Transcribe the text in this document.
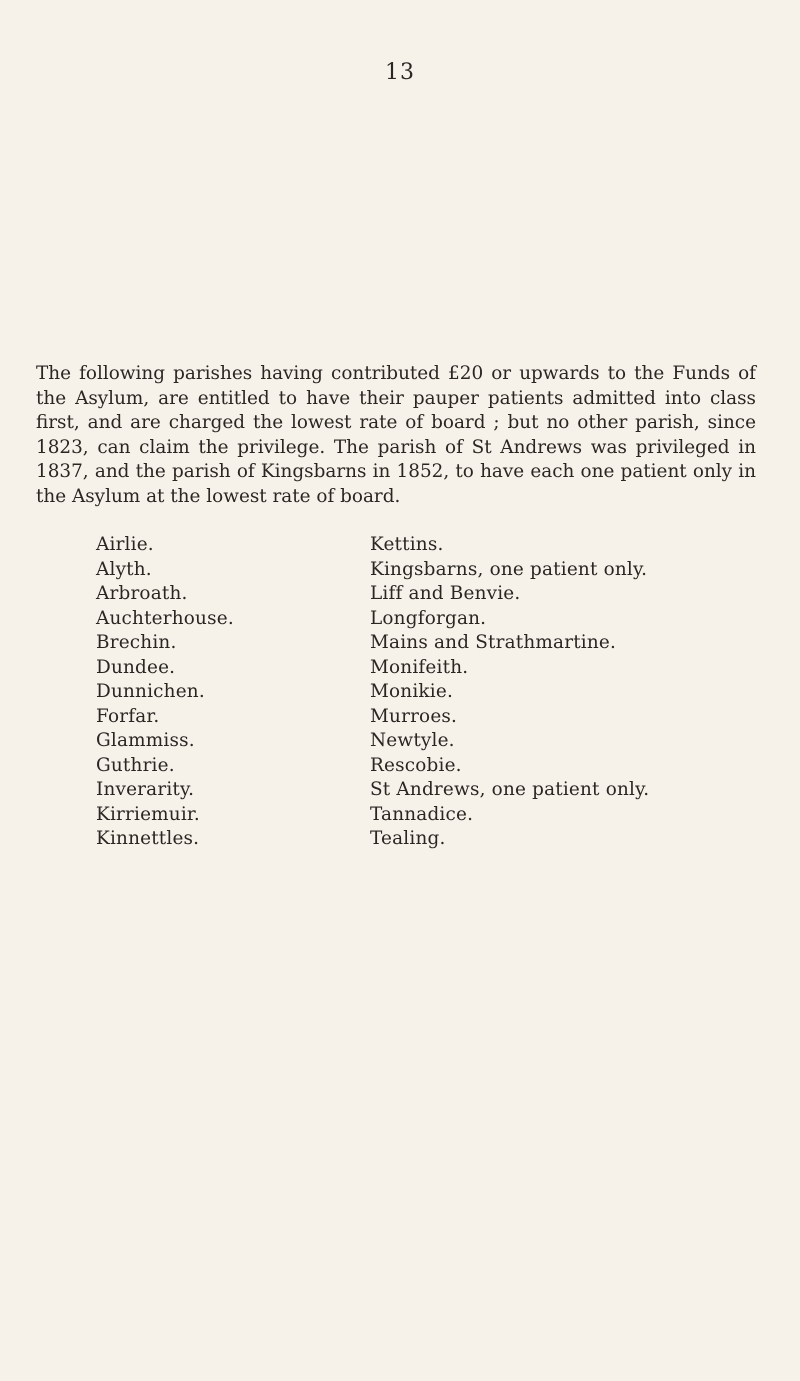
13

The following parishes having contributed £20 or upwards to the Funds of the Asylum, are entitled to have their pauper patients admitted into class first, and are charged the lowest rate of board ; but no other parish, since 1823, can claim the privilege. The parish of St Andrews was privileged in 1837, and the parish of Kingsbarns in 1852, to have each one patient only in the Asylum at the lowest rate of board.

Airlie.
Alyth.
Arbroath.
Auchterhouse.
Brechin.
Dundee.
Dunnichen.
Forfar.
Glammiss.
Guthrie.
Inverarity.
Kirriemuir.
Kinnettles.
Kettins.
Kingsbarns, one patient only.
Liff and Benvie.
Longforgan.
Mains and Strathmartine.
Monifeith.
Monikie.
Murroes.
Newtyle.
Rescobie.
St Andrews, one patient only.
Tannadice.
Tealing.
